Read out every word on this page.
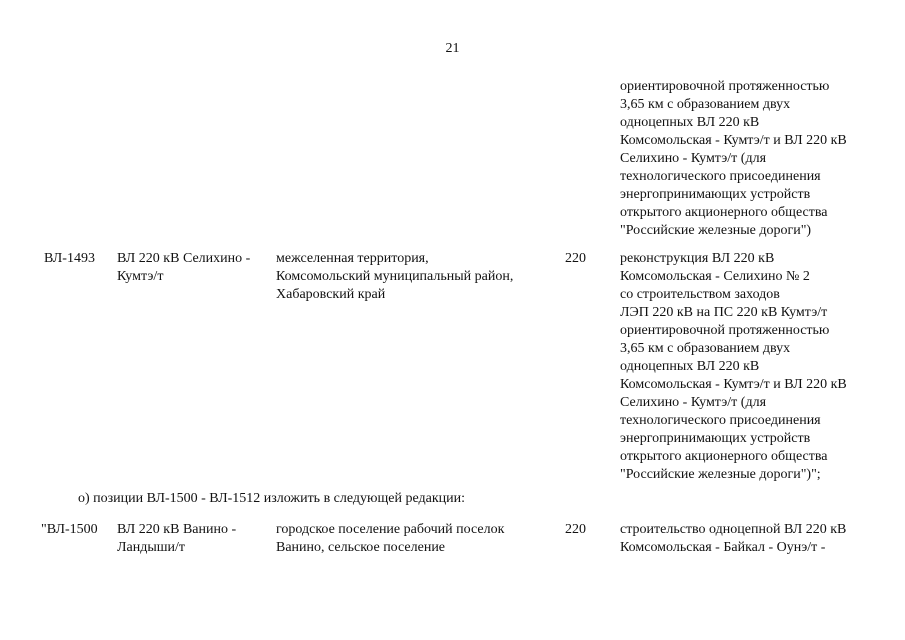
21
ориентировочной протяженностью
3,65 км с образованием двух
одноцепных ВЛ 220 кВ
Комсомольская - Кумтэ/т и ВЛ 220 кВ
Селихино - Кумтэ/т (для
технологического присоединения
энергопринимающих устройств
открытого акционерного общества
"Российские железные дороги")
ВЛ-1493 ВЛ 220 кВ Селихино -
Кумтэ/т
межселенная территория,
Комсомольский муниципальный район,
Хабаровский край
220 реконструкция ВЛ 220 кВ
Комсомольская - Селихино № 2
со строительством заходов
ЛЭП 220 кВ на ПС 220 кВ Кумтэ/т
ориентировочной протяженностью
3,65 км с образованием двух
одноцепных ВЛ 220 кВ
Комсомольская - Кумтэ/т и ВЛ 220 кВ
Селихино - Кумтэ/т (для
технологического присоединения
энергопринимающих устройств
открытого акционерного общества
"Российские железные дороги")";
о) позиции ВЛ-1500 - ВЛ-1512 изложить в следующей редакции:
"ВЛ-1500 ВЛ 220 кВ Ванино -
Ландыши/т
городское поселение рабочий поселок
Ванино, сельское поселение
220 строительство одноцепной ВЛ 220 кВ
Комсомольская - Байкал - Оунэ/т -
